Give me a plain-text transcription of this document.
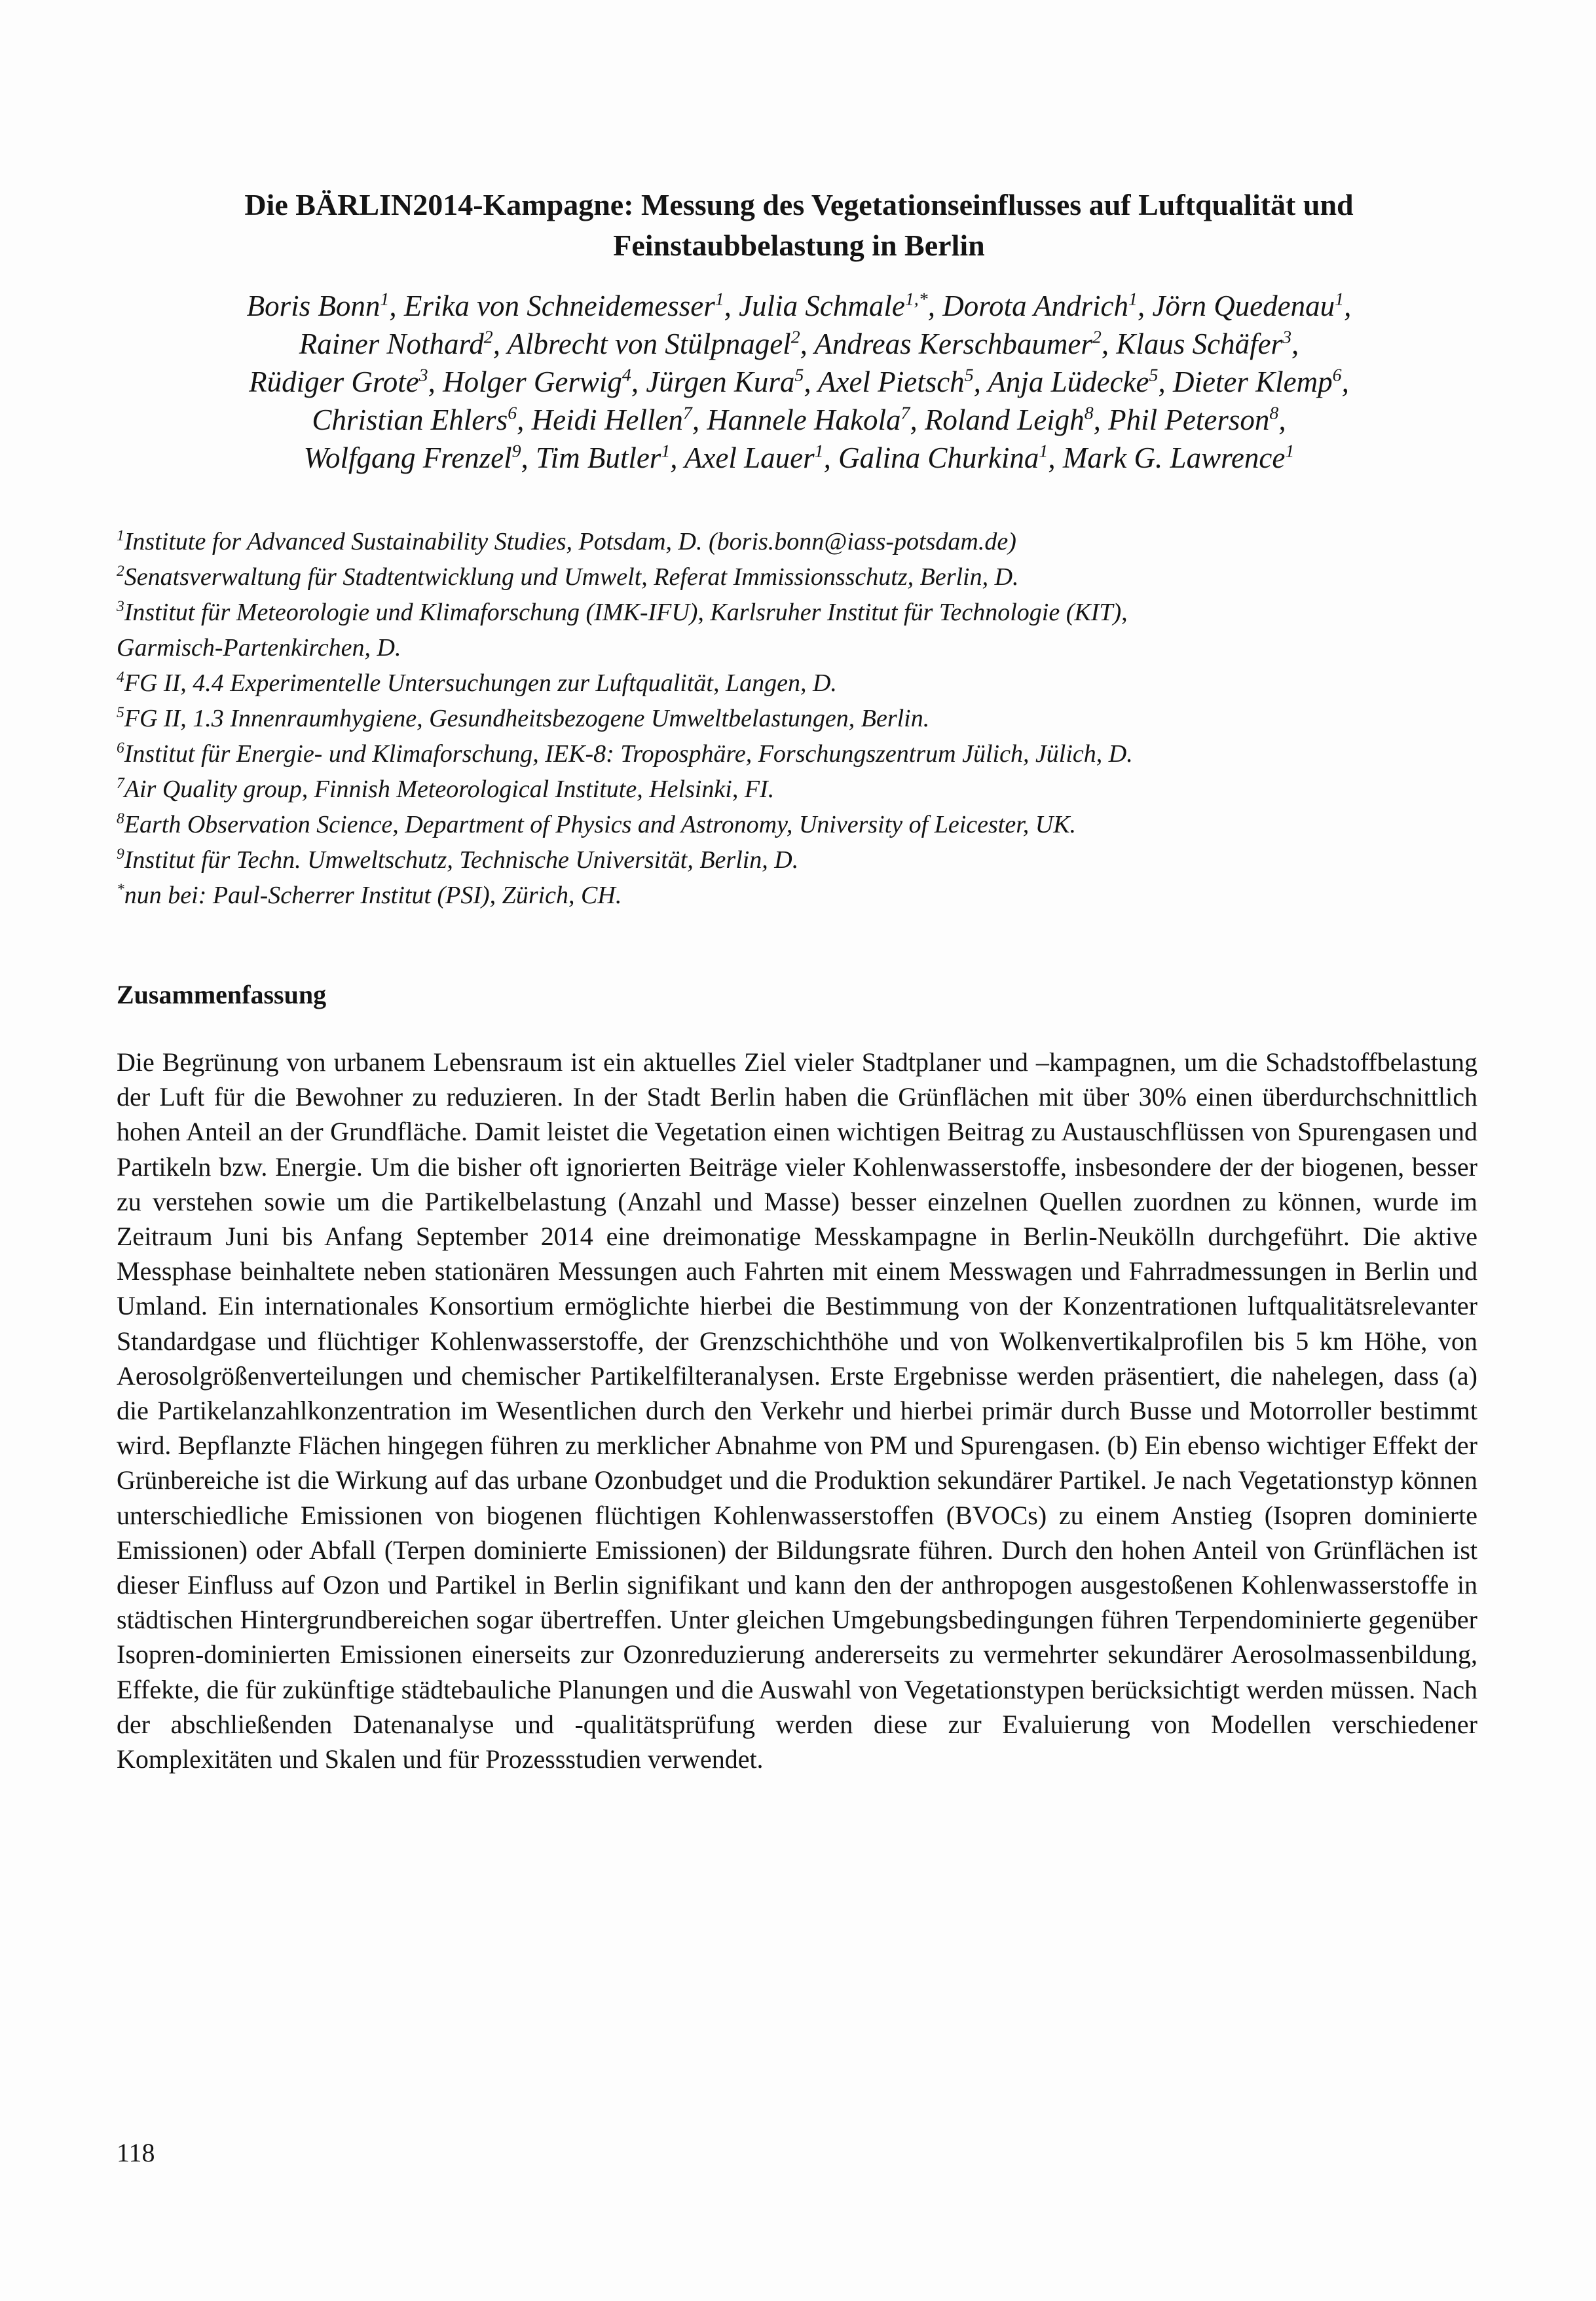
Die BÄRLIN2014-Kampagne: Messung des Vegetationseinflusses auf Luftqualität und
Feinstaubbelastung in Berlin
Boris Bonn$^1$, Erika von Schneidemesser$^1$, Julia Schmale$^{1,*}$, Dorota Andrich$^1$, Jörn Quedenau$^1$,
Rainer Nothard$^2$, Albrecht von Stülpnagel$^2$, Andreas Kerschbaumer$^2$, Klaus Schäfer$^3$,
Rüdiger Grote$^3$, Holger Gerwig$^4$, Jürgen Kura$^5$, Axel Pietsch$^5$, Anja Lüdecke$^5$, Dieter Klemp$^6$,
Christian Ehlers$^6$, Heidi Hellen$^7$, Hannele Hakola$^7$, Roland Leigh$^8$, Phil Peterson$^8$,
Wolfgang Frenzel$^9$, Tim Butler$^1$, Axel Lauer$^1$, Galina Churkina$^1$, Mark G. Lawrence$^1$
$^1$Institute for Advanced Sustainability Studies, Potsdam, D. (boris.bonn@iass-potsdam.de)
$^2$Senatsverwaltung für Stadtentwicklung und Umwelt, Referat Immissionsschutz, Berlin, D.
$^3$Institut für Meteorologie und Klimaforschung (IMK-IFU), Karlsruher Institut für Technologie (KIT),
Garmisch-Partenkirchen, D.
$^4$FG II, 4.4 Experimentelle Untersuchungen zur Luftqualität, Langen, D.
$^5$FG II, 1.3 Innenraumhygiene, Gesundheitsbezogene Umweltbelastungen, Berlin.
$^6$Institut für Energie- und Klimaforschung, IEK-8: Troposphäre, Forschungszentrum Jülich, Jülich, D.
$^7$Air Quality group, Finnish Meteorological Institute, Helsinki, FI.
$^8$Earth Observation Science, Department of Physics and Astronomy, University of Leicester, UK.
$^9$Institut für Techn. Umweltschutz, Technische Universität, Berlin, D.
*nun bei: Paul-Scherrer Institut (PSI), Zürich, CH.
Zusammenfassung

Die Begrünung von urbanem Lebensraum ist ein aktuelles Ziel vieler Stadtplaner und –kampagnen, um die Schadstoffbelastung der Luft für die Bewohner zu reduzieren. In der Stadt Berlin haben die Grünflächen mit über 30% einen überdurchschnittlich hohen Anteil an der Grundfläche. Damit leistet die Vegetation einen wichtigen Beitrag zu Austauschflüssen von Spurengasen und Partikeln bzw. Energie. Um die bisher oft ignorierten Beiträge vieler Kohlenwasserstoffe, insbesondere der der biogenen, besser zu verstehen sowie um die Partikelbelastung (Anzahl und Masse) besser einzelnen Quellen zuordnen zu können, wurde im Zeitraum Juni bis Anfang September 2014 eine dreimonatige Messkampagne in Berlin-Neukölln durchgeführt. Die aktive Messphase beinhaltete neben stationären Messungen auch Fahrten mit einem Messwagen und Fahrradmessungen in Berlin und Umland. Ein internationales Konsortium ermöglichte hierbei die Bestimmung von der Konzentrationen luftqualitätsrelevanter Standardgase und flüchtiger Kohlenwasserstoffe, der Grenzschichthöhe und von Wolkenvertikalprofilen bis 5 km Höhe, von Aerosolgrößenverteilungen und chemischer Partikelfilteranalysen. Erste Ergebnisse werden präsentiert, die nahelegen, dass (a) die Partikelanzahlkonzentration im Wesentlichen durch den Verkehr und hierbei primär durch Busse und Motorroller bestimmt wird. Bepflanzte Flächen hingegen führen zu merklicher Abnahme von PM und Spurengasen. (b) Ein ebenso wichtiger Effekt der Grünbereiche ist die Wirkung auf das urbane Ozonbudget und die Produktion sekundärer Partikel. Je nach Vegetationstyp können unterschiedliche Emissionen von biogenen flüchtigen Kohlenwasserstoffen (BVOCs) zu einem Anstieg (Isopren dominierte Emissionen) oder Abfall (Terpen dominierte Emissionen) der Bildungsrate führen. Durch den hohen Anteil von Grünflächen ist dieser Einfluss auf Ozon und Partikel in Berlin signifikant und kann den der anthropogen ausgestoßenen Kohlenwasserstoffe in städtischen Hintergrundbereichen sogar übertreffen. Unter gleichen Umgebungsbedingungen führen Terpendominierte gegenüber Isopren-dominierten Emissionen einerseits zur Ozonreduzierung andererseits zu vermehrter sekundärer Aerosolmassenbildung, Effekte, die für zukünftige städtebauliche Planungen und die Auswahl von Vegetationstypen berücksichtigt werden müssen. Nach der abschließenden Datenanalyse und -qualitätsprüfung werden diese zur Evaluierung von Modellen verschiedener Komplexitäten und Skalen und für Prozessstudien verwendet.

118
